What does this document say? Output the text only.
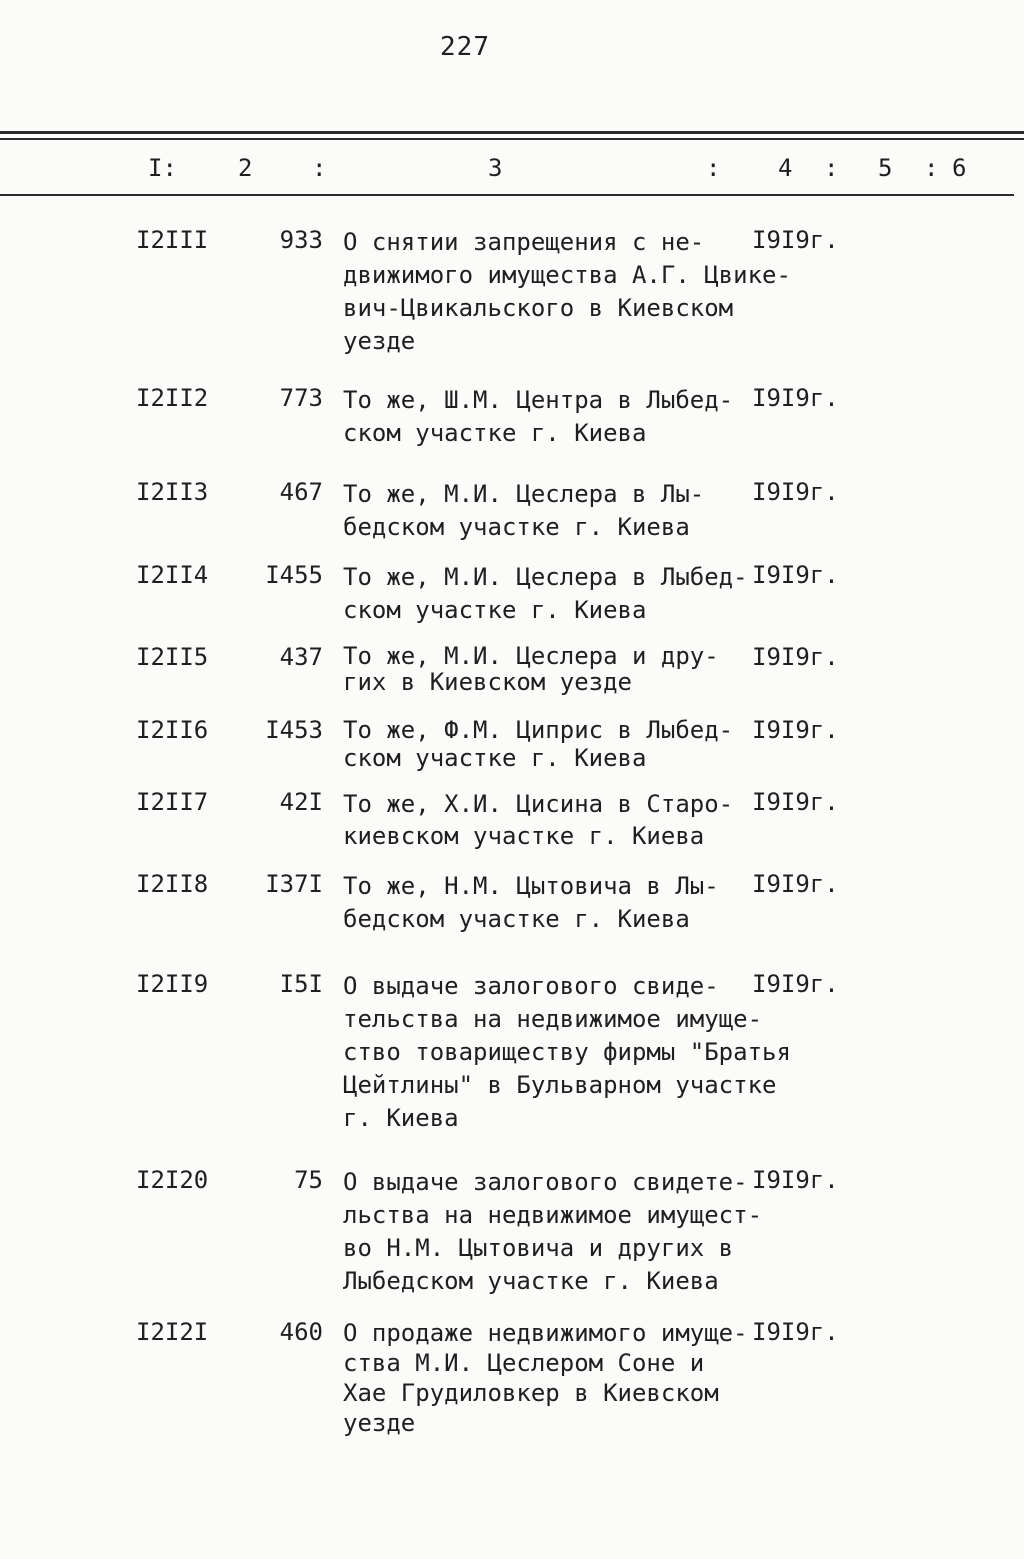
227
I:	2 :	3	: 4 : 5 : 6
I2III	933 О снятии запрещения с не-
движимого имущества А.Г. Цвике-
вич-Цвикальского в Киевском
уезде
I9I9г.
I2II2	773 То же, Ш.М. Центра в Лыбед-
ском участке г. Киева
I9I9г.
I2II3	467 То же, М.И. Цеслера в Лы-
бедском участке г. Киева
I9I9г.
I2II4	I455 То же, М.И. Цеслера в Лыбед-
ском участке г. Киева
I9I9г.
I2II5	437 То же, М.И. Цеслера и дру-
гих в Киевском уезде
I9I9г.
I2II6	I453 То же, Ф.М. Циприс в Лыбед-
ском участке г. Киева
I9I9г.
I2II7	42I То же, Х.И. Цисина в Старо-
киевском участке г. Киева
I9I9г.
I2II8	I37I То же, Н.М. Цытовича в Лы-
бедском участке г. Киева
I9I9г.
I2II9	I5I О выдаче залогового свиде-
тельства на недвижимое имуще-
ство товариществу фирмы "Братья
Цейтлины" в Бульварном участке
г. Киева
I9I9г.
I2I20	75 О выдаче залогового свидете-
льства на недвижимое имущест-
во Н.М. Цытовича и других в
Лыбедском участке г. Киева
I9I9г.
I2I2I	460 О продаже недвижимого имуще-
ства М.И. Цеслером Соне и
Хае Грудиловкер в Киевском
уезде
I9I9г.
